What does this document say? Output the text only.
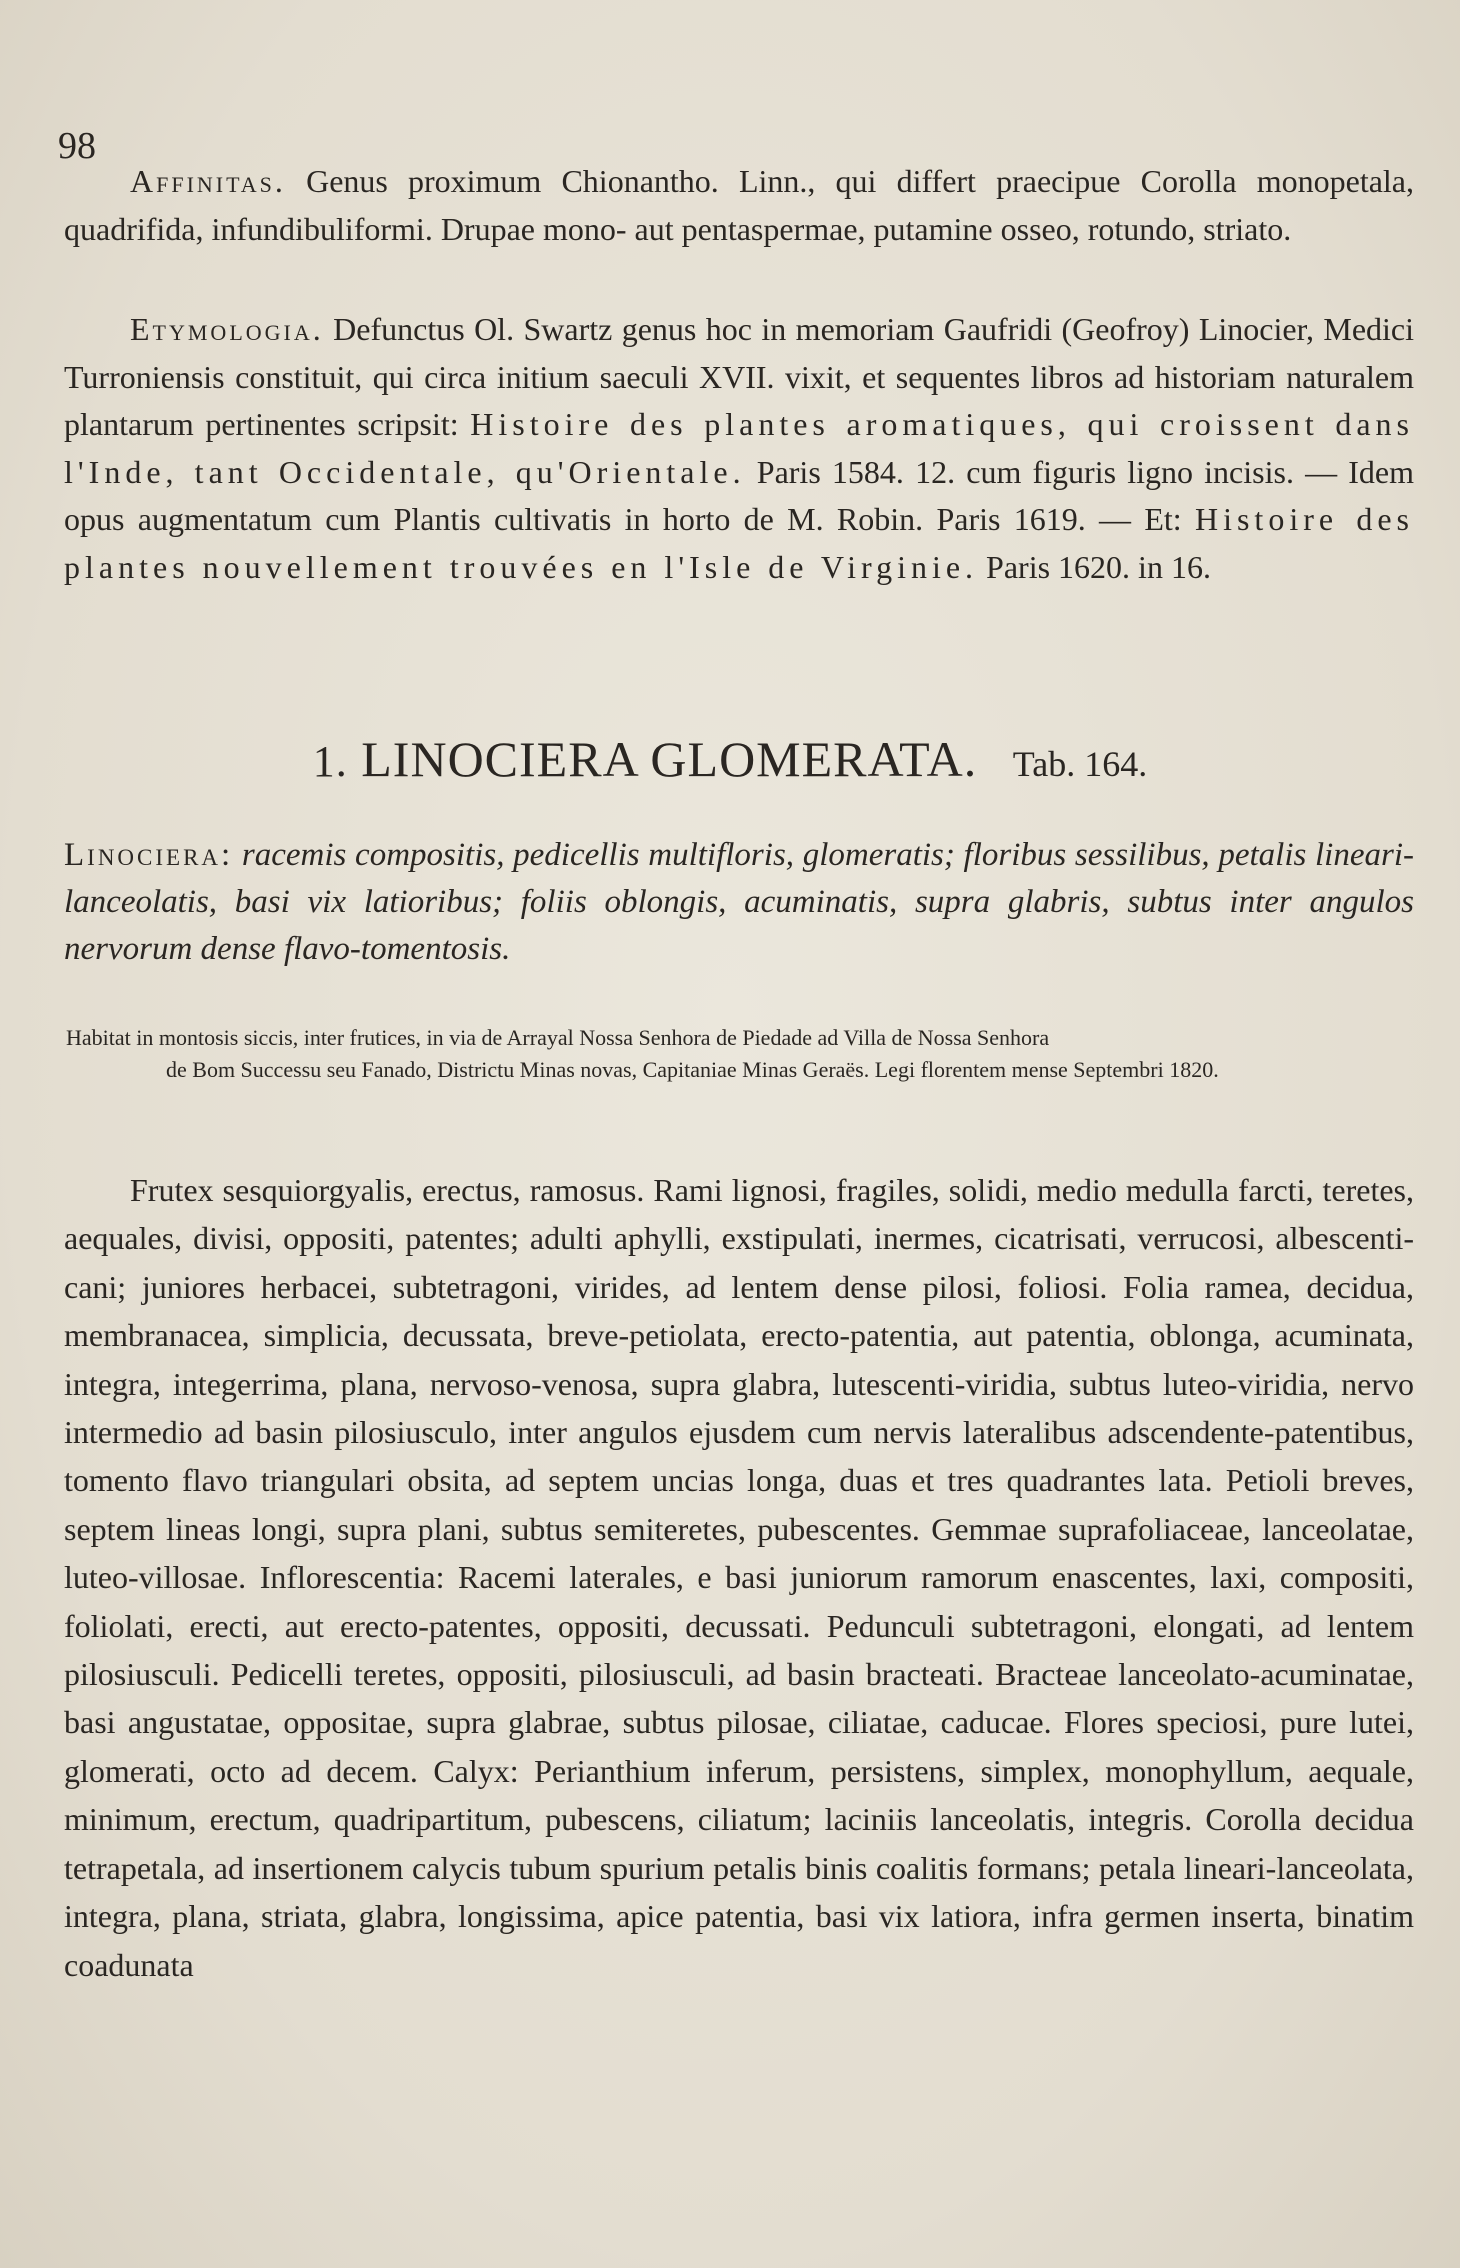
98

Affinitas. Genus proximum Chionantho. Linn., qui differt praecipue Corolla monopetala, quadrifida, infundibuliformi. Drupae mono- aut pentaspermae, putamine osseo, rotundo, striato.

Etymologia. Defunctus Ol. Swartz genus hoc in memoriam Gaufridi (Geofroy) Linocier, Medici Turroniensis constituit, qui circa initium saeculi XVII. vixit, et sequentes libros ad historiam naturalem plantarum pertinentes scripsit: Histoire des plantes aromatiques, qui croissent dans l'Inde, tant Occidentale, qu'Orientale. Paris 1584. 12. cum figuris ligno incisis. — Idem opus augmentatum cum Plantis cultivatis in horto de M. Robin. Paris 1619. — Et: Histoire des plantes nouvellement trouvées en l'Isle de Virginie. Paris 1620. in 16.

1. LINOCIERA GLOMERATA. Tab. 164.

Linociera: racemis compositis, pedicellis multifloris, glomeratis; floribus sessilibus, petalis lineari-lanceolatis, basi vix latioribus; foliis oblongis, acuminatis, supra glabris, subtus inter angulos nervorum dense flavo-tomentosis.

Habitat in montosis siccis, inter frutices, in via de Arrayal Nossa Senhora de Piedade ad Villa de Nossa Senhora
de Bom Successu seu Fanado, Districtu Minas novas, Capitaniae Minas Geraës. Legi florentem mense Septembri 1820.

Frutex sesquiorgyalis, erectus, ramosus. Rami lignosi, fragiles, solidi, medio medulla farcti, teretes, aequales, divisi, oppositi, patentes; adulti aphylli, exstipulati, inermes, cicatrisati, verrucosi, albescenti-cani; juniores herbacei, subtetragoni, virides, ad lentem dense pilosi, foliosi. Folia ramea, decidua, membranacea, simplicia, decussata, breve-petiolata, erecto-patentia, aut patentia, oblonga, acuminata, integra, integerrima, plana, nervoso-venosa, supra glabra, lutescenti-viridia, subtus luteo-viridia, nervo intermedio ad basin pilosiusculo, inter angulos ejusdem cum nervis lateralibus adscendente-patentibus, tomento flavo triangulari obsita, ad septem uncias longa, duas et tres quadrantes lata. Petioli breves, septem lineas longi, supra plani, subtus semiteretes, pubescentes. Gemmae suprafoliaceae, lanceolatae, luteo-villosae. Inflorescentia: Racemi laterales, e basi juniorum ramorum enascentes, laxi, compositi, foliolati, erecti, aut erecto-patentes, oppositi, decussati. Pedunculi subtetragoni, elongati, ad lentem pilosiusculi. Pedicelli teretes, oppositi, pilosiusculi, ad basin bracteati. Bracteae lanceolato-acuminatae, basi angustatae, oppositae, supra glabrae, subtus pilosae, ciliatae, caducae. Flores speciosi, pure lutei, glomerati, octo ad decem. Calyx: Perianthium inferum, persistens, simplex, monophyllum, aequale, minimum, erectum, quadripartitum, pubescens, ciliatum; laciniis lanceolatis, integris. Corolla decidua tetrapetala, ad insertionem calycis tubum spurium petalis binis coalitis formans; petala lineari-lanceolata, integra, plana, striata, glabra, longissima, apice patentia, basi vix latiora, infra germen inserta, binatim coadunata
